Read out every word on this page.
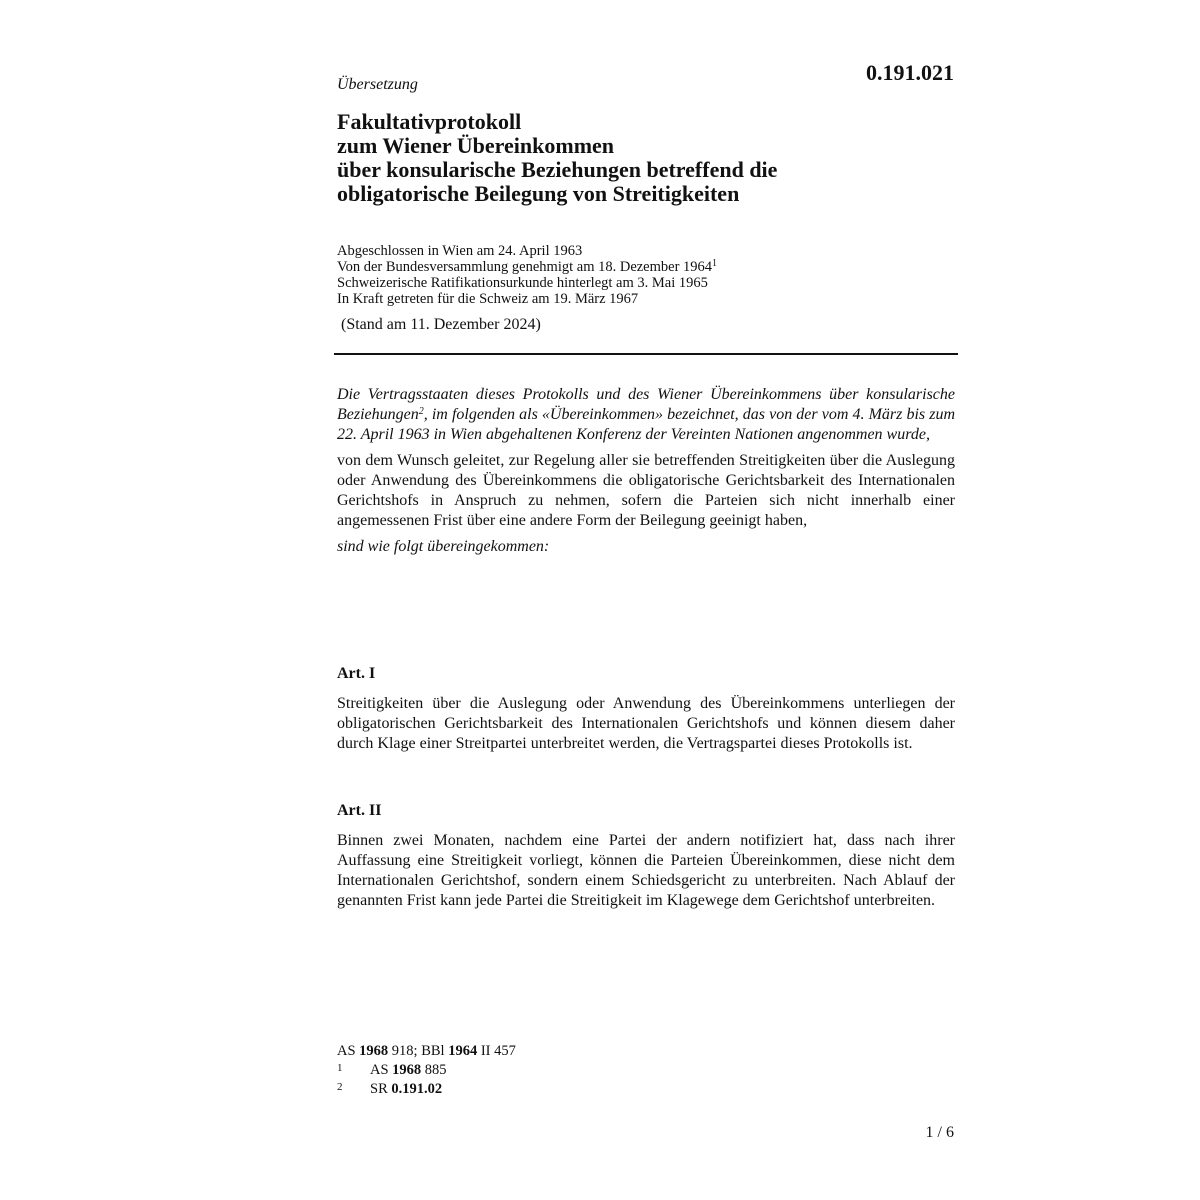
0.191.021
Übersetzung
Fakultativprotokoll
zum Wiener Übereinkommen
über konsularische Beziehungen betreffend die
obligatorische Beilegung von Streitigkeiten
Abgeschlossen in Wien am 24. April 1963
Von der Bundesversammlung genehmigt am 18. Dezember 1964$^1$
Schweizerische Ratifikationsurkunde hinterlegt am 3. Mai 1965
In Kraft getreten für die Schweiz am 19. März 1967
(Stand am 11. Dezember 2024)

Die Vertragsstaaten dieses Protokolls und des Wiener Übereinkommens über konsularische Beziehungen$^2$, im folgenden als «Übereinkommen» bezeichnet, das von der vom 4. März bis zum 22. April 1963 in Wien abgehaltenen Konferenz der Vereinten Nationen angenommen wurde,

von dem Wunsch geleitet, zur Regelung aller sie betreffenden Streitigkeiten über die Auslegung oder Anwendung des Übereinkommens die obligatorische Gerichtsbarkeit des Internationalen Gerichtshofs in Anspruch zu nehmen, sofern die Parteien sich nicht innerhalb einer angemessenen Frist über eine andere Form der Beilegung geeinigt haben,

sind wie folgt übereingekommen:

Art. I

Streitigkeiten über die Auslegung oder Anwendung des Übereinkommens unterliegen der obligatorischen Gerichtsbarkeit des Internationalen Gerichtshofs und können diesem daher durch Klage einer Streitpartei unterbreitet werden, die Vertragspartei dieses Protokolls ist.

Art. II

Binnen zwei Monaten, nachdem eine Partei der andern notifiziert hat, dass nach ihrer Auffassung eine Streitigkeit vorliegt, können die Parteien Übereinkommen, diese nicht dem Internationalen Gerichtshof, sondern einem Schiedsgericht zu unterbreiten. Nach Ablauf der genannten Frist kann jede Partei die Streitigkeit im Klagewege dem Gerichtshof unterbreiten.

AS 1968 918; BBl 1964 II 457
1 AS 1968 885
2 SR 0.191.02
1 / 6
